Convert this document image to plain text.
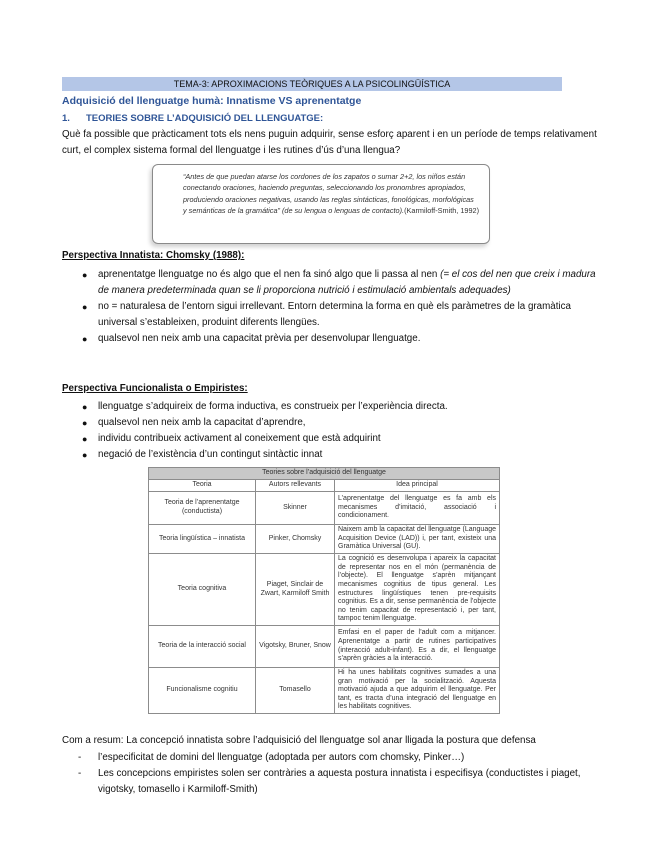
TEMA-3: APROXIMACIONS TEÒRIQUES A LA PSICOLINGÜÍSTICA
Adquisició del llenguatge humà: Innatisme VS aprenentatge
1. TEORIES SOBRE L’ADQUISICIÓ DEL LLENGUATGE:
Què fa possible que pràcticament tots els nens puguin adquirir, sense esforç aparent i en un període de temps relativament curt, el complex sistema formal del llenguatge i les rutines d’ús d’una llengua?
“Antes de que puedan atarse los cordones de los zapatos o sumar 2+2, los niños están conectando oraciones, haciendo preguntas, seleccionando los pronombres apropiados, produciendo oraciones negativas, usando las reglas sintácticas, fonológicas, morfológicas y semánticas de la gramática” (de su lengua o lenguas de contacto). (Karmiloff-Smith, 1992)
Perspectiva Innatista: Chomsky (1988):
● aprenentatge llenguatge no és algo que el nen fa sinó algo que li passa al nen (= el cos del nen que creix i madura de manera predeterminada quan se li proporciona nutrició i estimulació ambientals adequades)
● no = naturalesa de l’entorn sigui irrellevant. Entorn determina la forma en què els paràmetres de la gramàtica universal s’estableixen, produint diferents llengües.
● qualsevol nen neix amb una capacitat prèvia per desenvolupar llenguatge.
Perspectiva Funcionalista o Empiristes:
● llenguatge s’adquireix de forma inductiva, es construeix per l’experiència directa.
● qualsevol nen neix amb la capacitat d’aprendre,
● individu contribueix activament al coneixement que està adquirint
● negació de l’existència d’un contingut sintàctic innat
Teories sobre l’adquisició del llenguatge		
Teoria	Autors rellevants	Idea principal
Teoria de l’aprenentatge (conductista)	Skinner	L’aprenentatge del llenguatge es fa amb els mecanismes d’imitació, associació i condicionament.
Teoria lingüística – innatista	Pinker, Chomsky	Naixem amb la capacitat del llenguatge (Language Acquisition Device (LAD)) i, per tant, existeix una Gramàtica Universal (GU).
Teoria cognitiva	Piaget, Sinclair de Zwart, Karmiloff Smith	La cognició es desenvolupa i apareix la capacitat de representar nos en el món (permanència de l’objecte). El llenguatge s’aprèn mitjançant mecanismes cognitius de tipus general. Les estructures lingüístiques tenen pre-requisits cognitius. Es a dir, sense permanència de l’objecte no tenim capacitat de representació i, per tant, tampoc tenim llenguatge.
Teoria de la interacció social	Vigotsky, Bruner, Snow	Emfasi en el paper de l’adult com a mitjancer. Aprenentatge a partir de rutines participatives (interacció adult-infant). Es a dir, el llenguatge s’aprèn gràcies a la interacció.
Funcionalisme cognitiu	Tomasello	Hi ha unes habilitats cognitives sumades a una gran motivació per la socialització. Aquesta motivació ajuda a que adquirim el llenguatge. Per tant, es tracta d’una integració del llenguatge en les habilitats cognitives.
Com a resum: La concepció innatista sobre l’adquisició del llenguatge sol anar lligada la postura que defensa
- l’especificitat de domini del llenguatge (adoptada per autors com chomsky, Pinker…)
- Les concepcions empiristes solen ser contràries a aquesta postura innatista i especifisya (conductistes i piaget, vigotsky, tomasello i Karmiloff-Smith)
